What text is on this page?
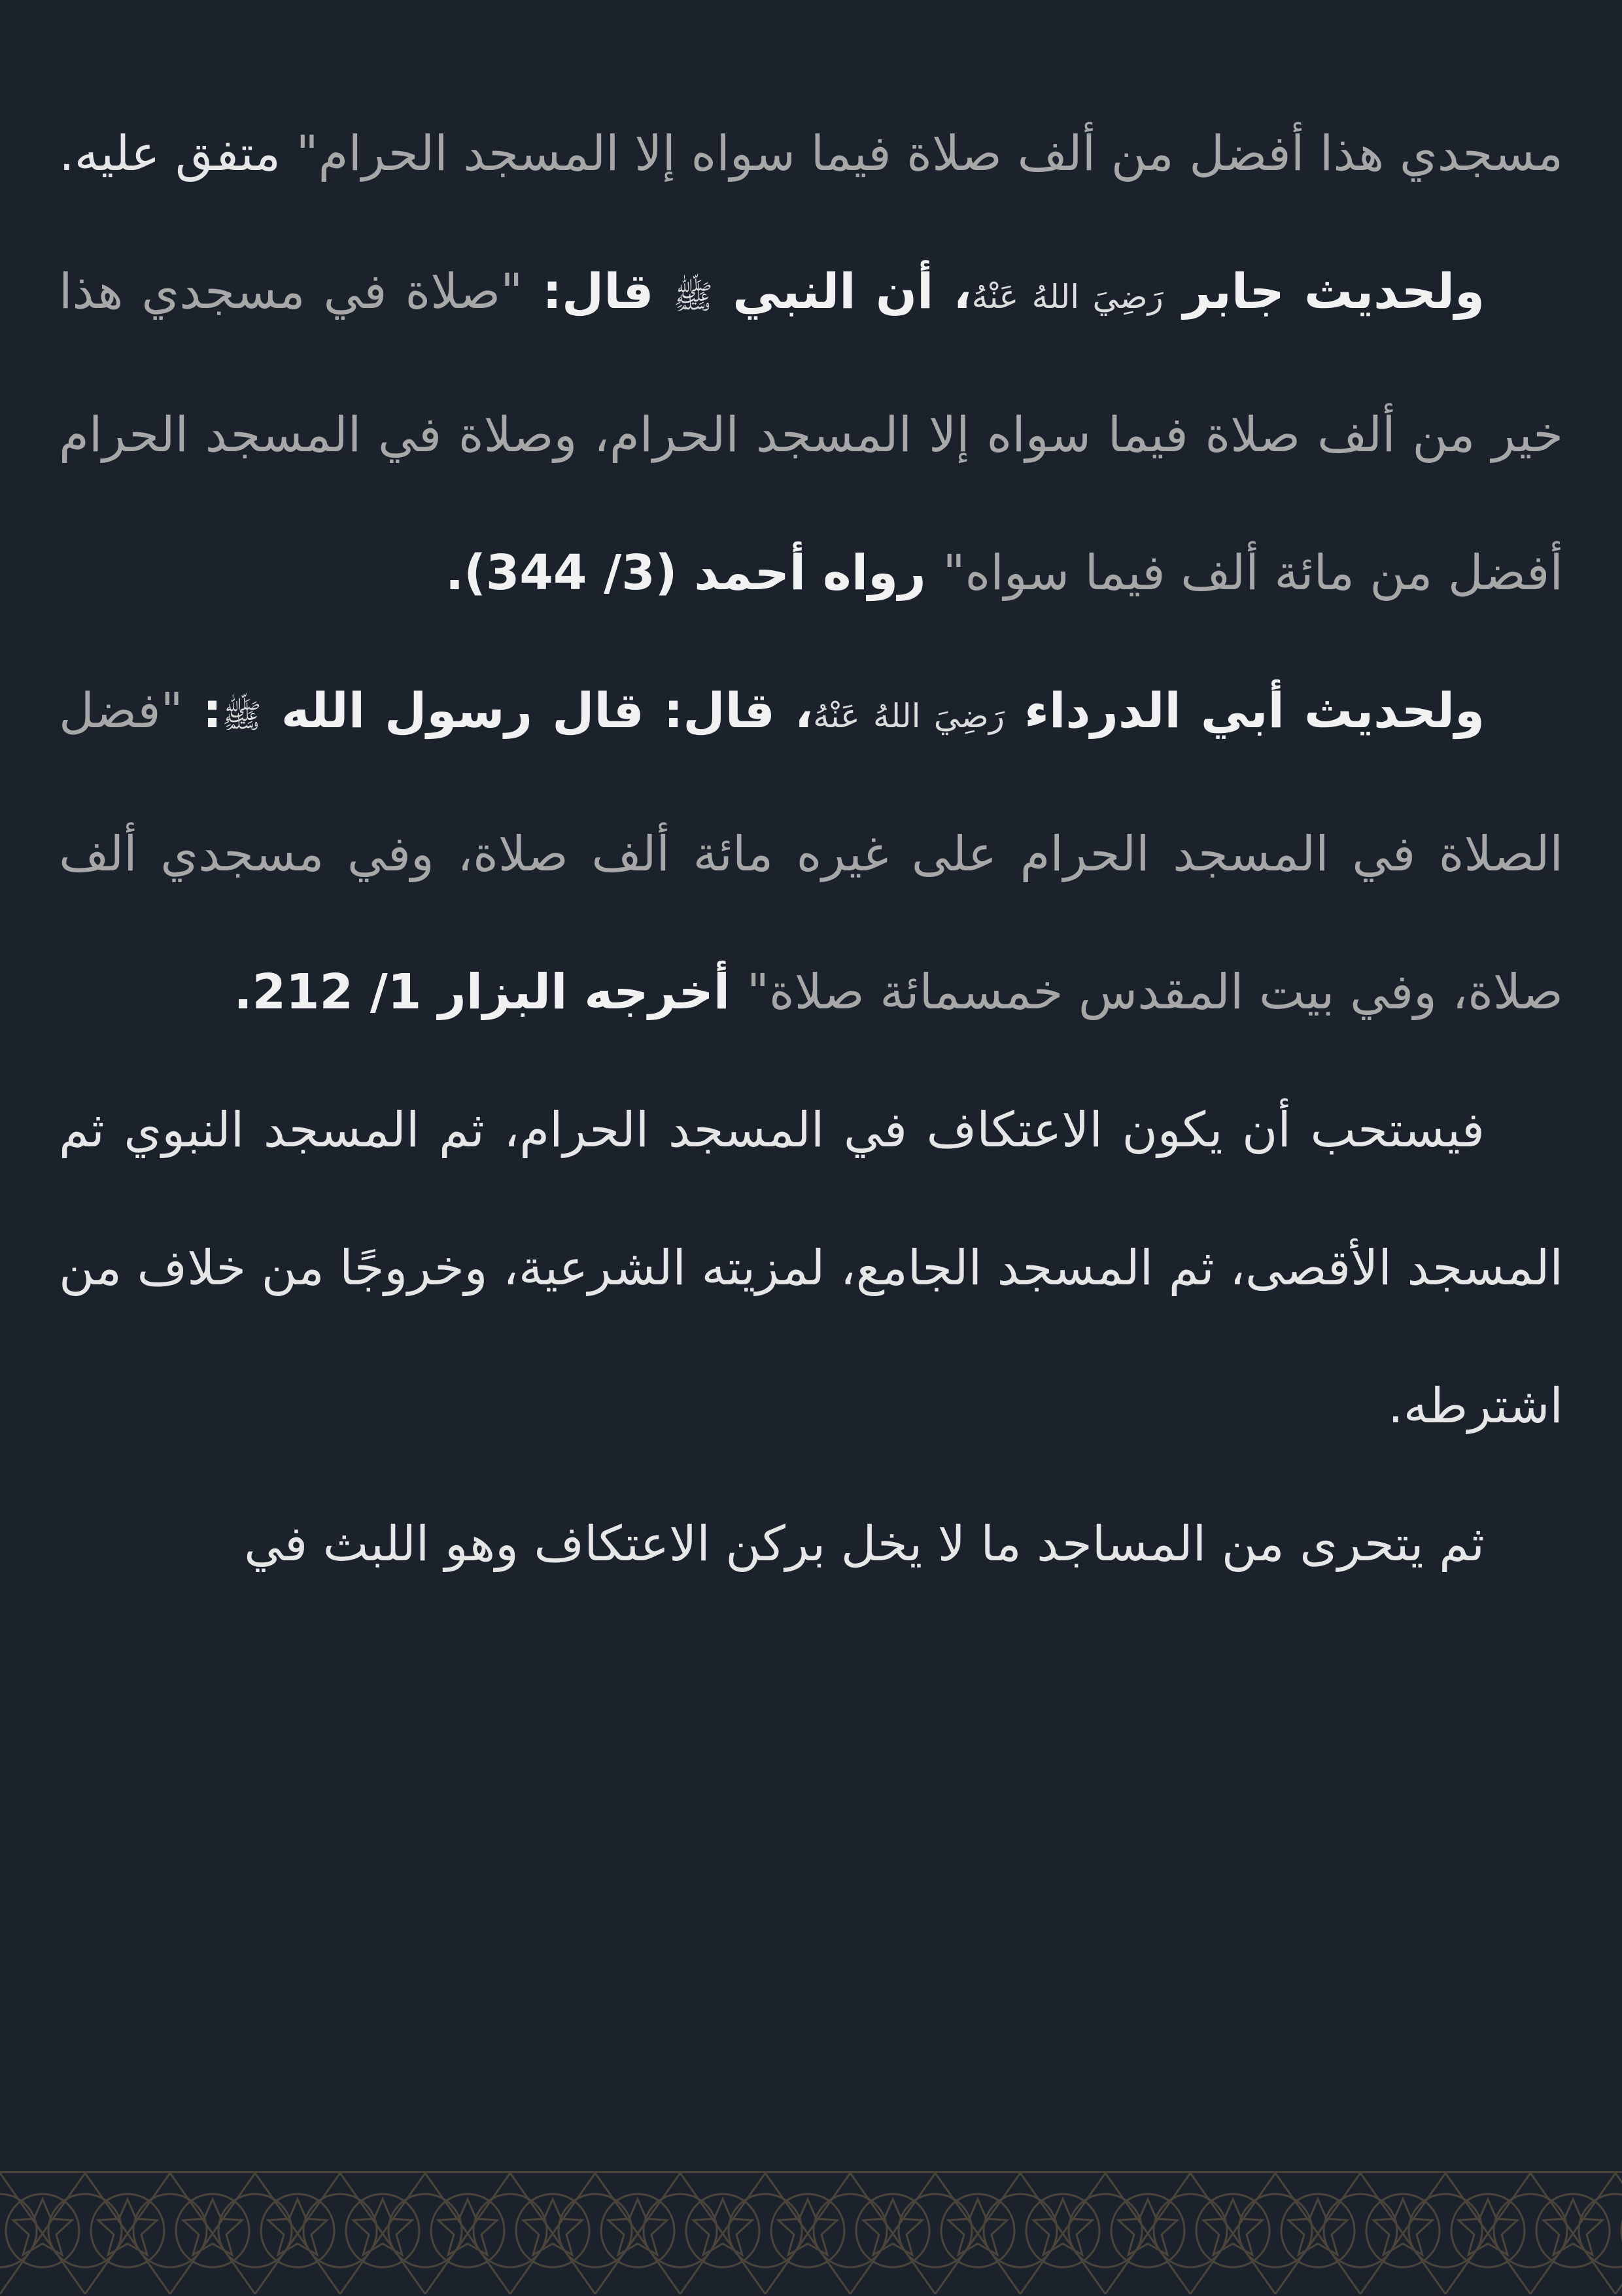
مسجدي هذا أفضل من ألف صلاة فيما سواه إلا المسجد الحرام" متفق عليه.

ولحديث جابر رَضِيَ اللهُ عَنْهُ، أن النبي ﷺ قال: "صلاة في مسجدي هذا خير من ألف صلاة فيما سواه إلا المسجد الحرام، وصلاة في المسجد الحرام أفضل من مائة ألف فيما سواه" رواه أحمد (3/ 344).

ولحديث أبي الدرداء رَضِيَ اللهُ عَنْهُ، قال: قال رسول الله ﷺ: "فضل الصلاة في المسجد الحرام على غيره مائة ألف صلاة، وفي مسجدي ألف صلاة، وفي بيت المقدس خمسمائة صلاة" أخرجه البزار 1/ 212.

فيستحب أن يكون الاعتكاف في المسجد الحرام، ثم المسجد النبوي ثم المسجد الأقصى، ثم المسجد الجامع، لمزيته الشرعية، وخروجًا من خلاف من اشترطه.

ثم يتحرى من المساجد ما لا يخل بركن الاعتكاف وهو اللبث في
